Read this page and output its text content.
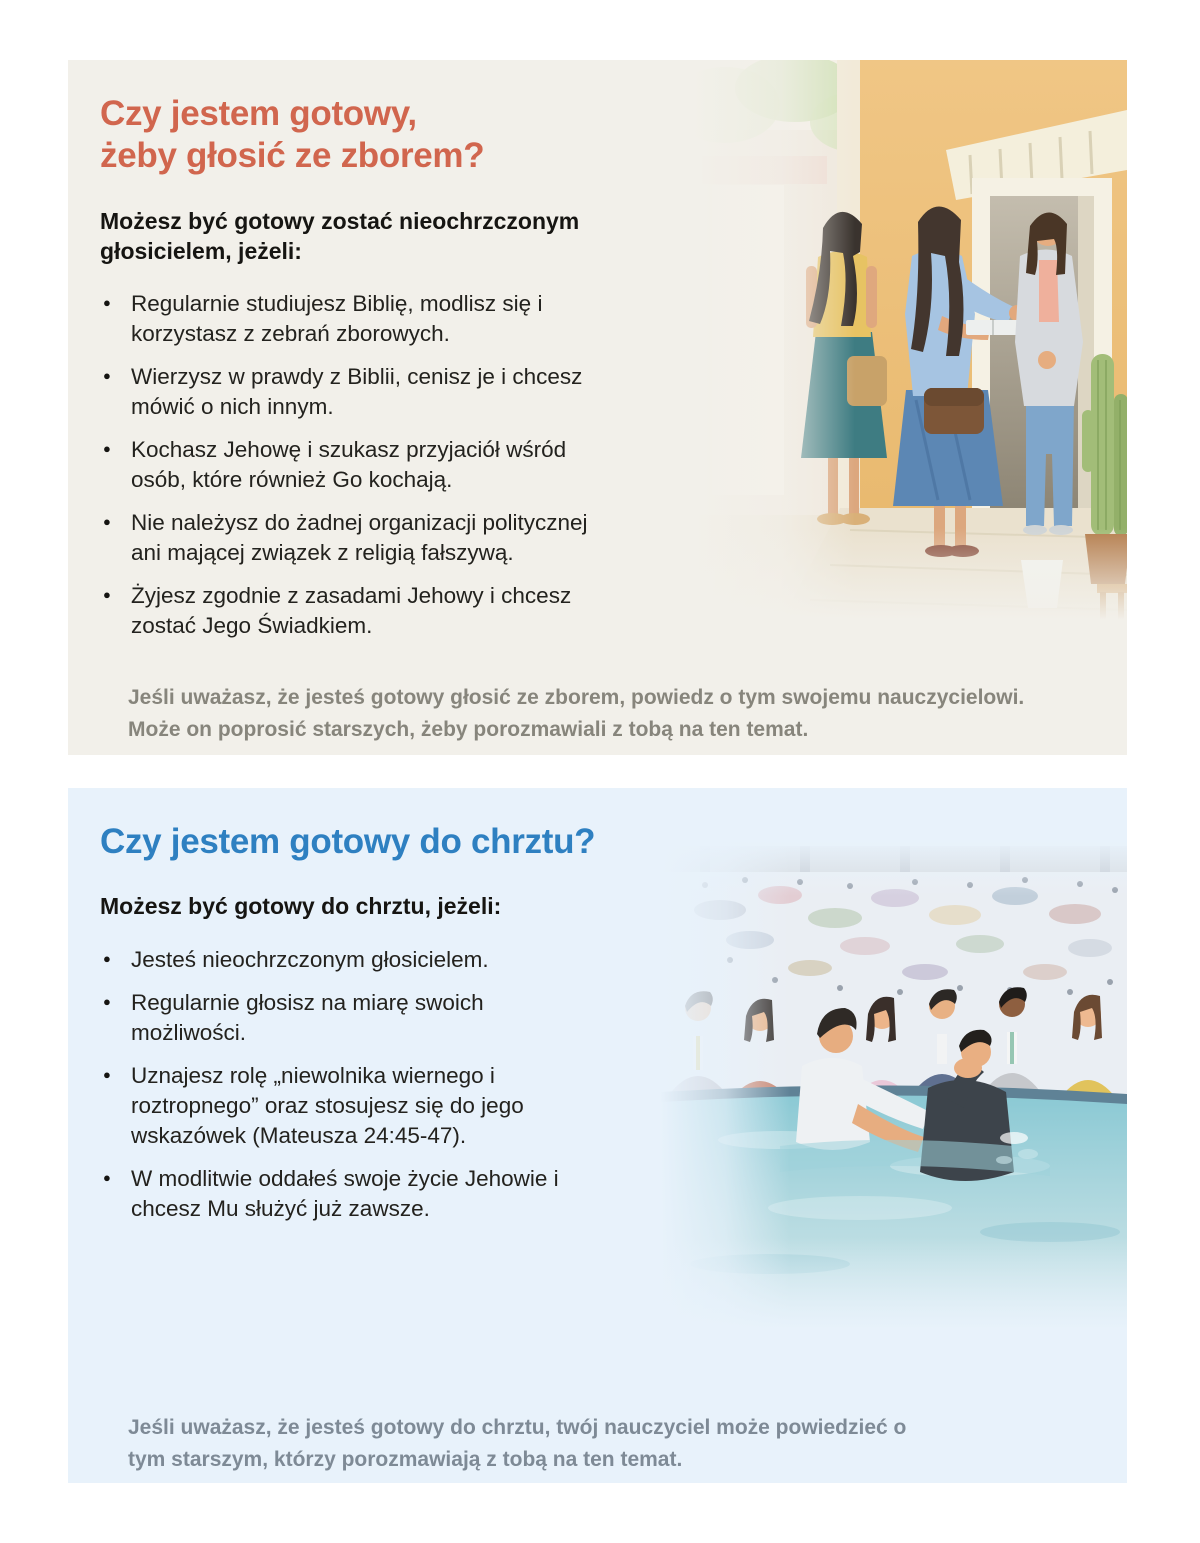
Czy jestem gotowy,
żeby głosić ze zborem?

Możesz być gotowy zostać nieochrzczonym głosicielem, jeżeli:

● Regularnie studiujesz Biblię, modlisz się i korzystasz z zebrań zborowych.
● Wierzysz w prawdy z Biblii, cenisz je i chcesz mówić o nich innym.
● Kochasz Jehowę i szukasz przyjaciół wśród osób, które również Go kochają.
● Nie należysz do żadnej organizacji politycznej ani mającej związek z religią fałszywą.
● Żyjesz zgodnie z zasadami Jehowy i chcesz zostać Jego Świadkiem.

Jeśli uważasz, że jesteś gotowy głosić ze zborem, powiedz o tym swojemu nauczycielowi. Może on poprosić starszych, żeby porozmawiali z tobą na ten temat.

Czy jestem gotowy do chrztu?

Możesz być gotowy do chrztu, jeżeli:

● Jesteś nieochrzczonym głosicielem.
● Regularnie głosisz na miarę swoich możliwości.
● Uznajesz rolę „niewolnika wiernego i roztropnego” oraz stosujesz się do jego wskazówek (Mateusza 24:45-47).
● W modlitwie oddałeś swoje życie Jehowie i chcesz Mu służyć już zawsze.

Jeśli uważasz, że jesteś gotowy do chrztu, twój nauczyciel może powiedzieć o tym starszym, którzy porozmawiają z tobą na ten temat.
